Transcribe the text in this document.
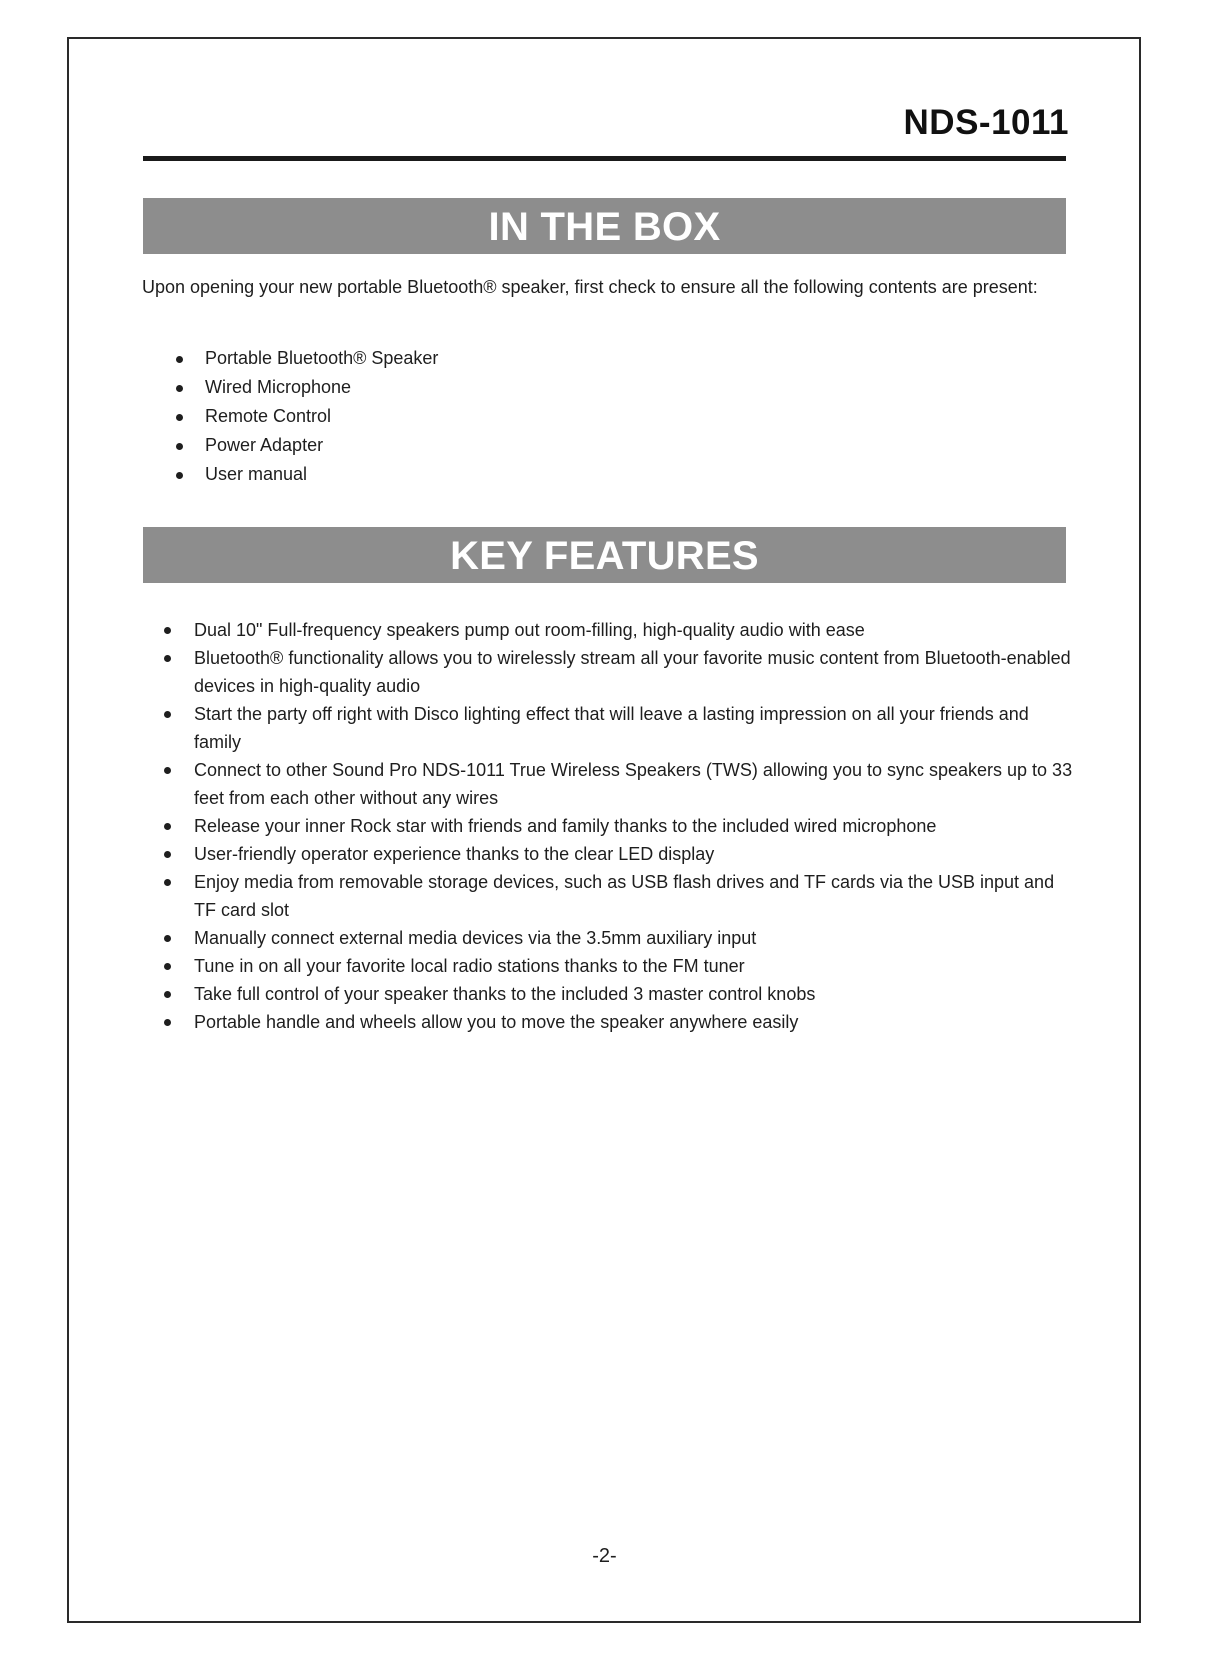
NDS-1011
IN THE BOX
Upon opening your new portable Bluetooth® speaker, first check to ensure all the following contents are present:
Portable Bluetooth® Speaker
Wired Microphone
Remote Control
Power Adapter
User manual
KEY FEATURES
Dual 10" Full-frequency speakers pump out room-filling, high-quality audio with ease
Bluetooth® functionality allows you to wirelessly stream all your favorite music content from Bluetooth-enabled devices in high-quality audio
Start the party off right with Disco lighting effect that will leave a lasting impression on all your friends and family
Connect to other Sound Pro NDS-1011 True Wireless Speakers (TWS) allowing you to sync speakers up to 33 feet from each other without any wires
Release your inner Rock star with friends and family thanks to the included wired microphone
User-friendly operator experience thanks to the clear LED display
Enjoy media from removable storage devices, such as USB flash drives and TF cards via the USB input and TF card slot
Manually connect external media devices via the 3.5mm auxiliary input
Tune in on all your favorite local radio stations thanks to the FM tuner
Take full control of your speaker thanks to the included 3 master control knobs
Portable handle and wheels allow you to move the speaker anywhere easily
-2-
